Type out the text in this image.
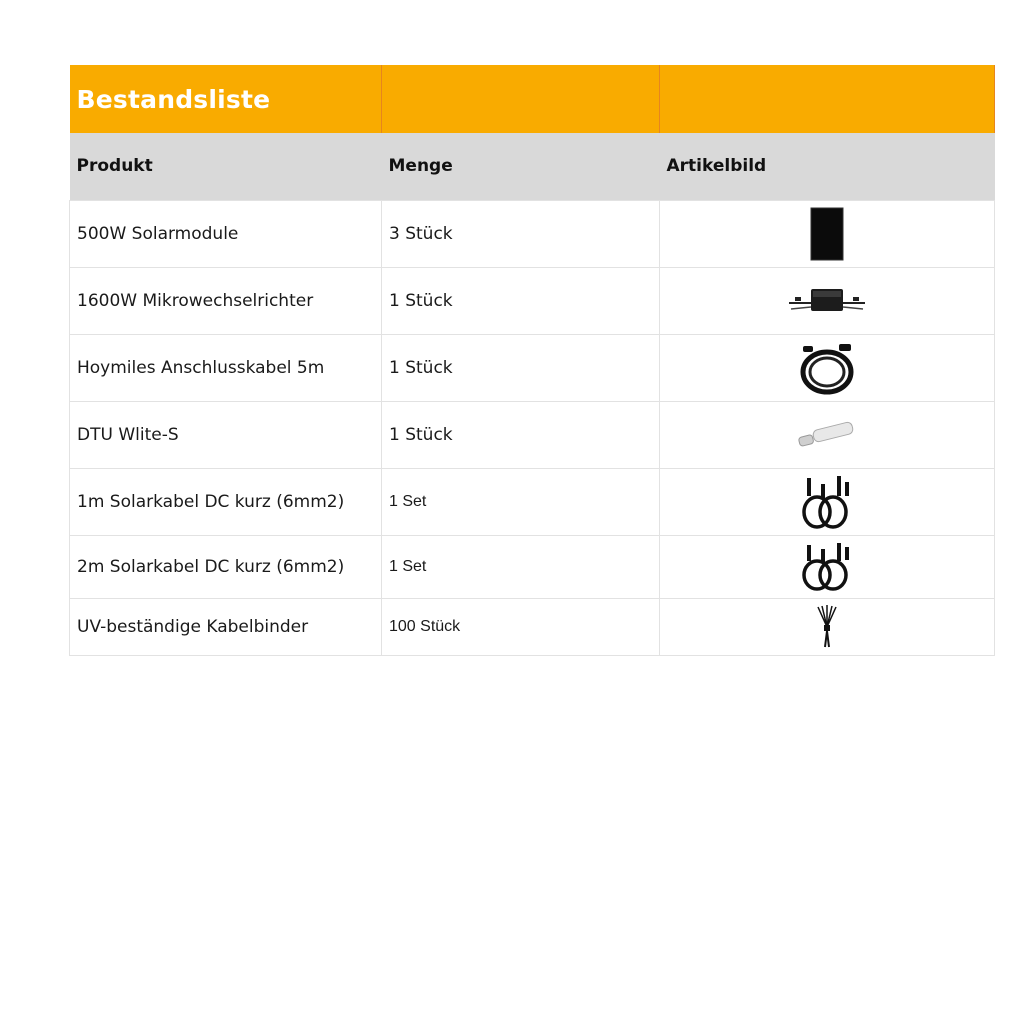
Bestandsliste		
Produkt	Menge	Artikelbild
500W Solarmodule	3 Stück	
1600W Mikrowechselrichter	1 Stück	
Hoymiles Anschlusskabel 5m	1 Stück	
DTU Wlite-S	1 Stück	
1m Solarkabel DC kurz (6mm2)	1 Set	
2m Solarkabel DC kurz (6mm2)	1 Set	
UV-beständige Kabelbinder	100 Stück	
